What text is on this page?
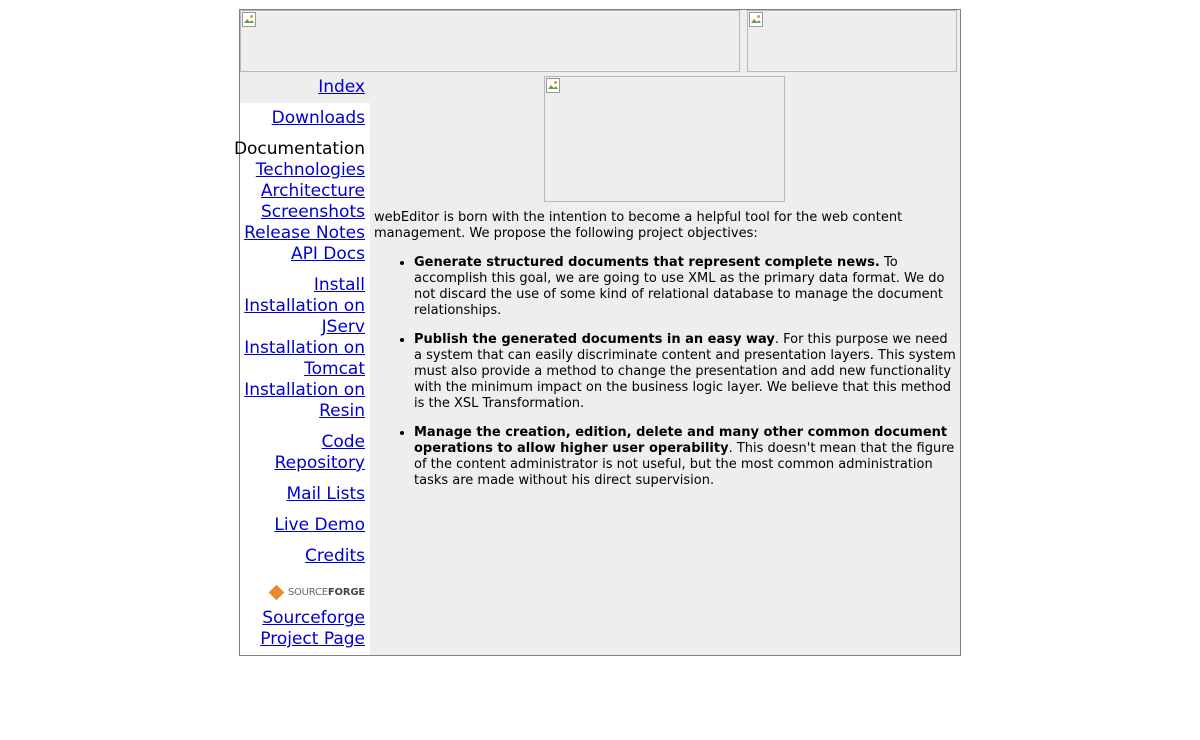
Index
Downloads
Documentation
Technologies
Architecture
Screenshots
Release Notes
API Docs
Install
Installation on
JServ
Installation on
Tomcat
Installation on
Resin
Code
Repository
Mail Lists
Live Demo
Credits
SOURCEFORGE
Sourceforge
Project Page

webEditor is born with the intention to become a helpful tool for the web content management. We propose the following project objectives:

• Generate structured documents that represent complete news. To accomplish this goal, we are going to use XML as the primary data format. We do not discard the use of some kind of relational database to manage the document relationships.
• Publish the generated documents in an easy way. For this purpose we need a system that can easily discriminate content and presentation layers. This system must also provide a method to change the presentation and add new functionality with the minimum impact on the business logic layer. We believe that this method is the XSL Transformation.
• Manage the creation, edition, delete and many other common document operations to allow higher user operability. This doesn't mean that the figure of the content administrator is not useful, but the most common administration tasks are made without his direct supervision.
